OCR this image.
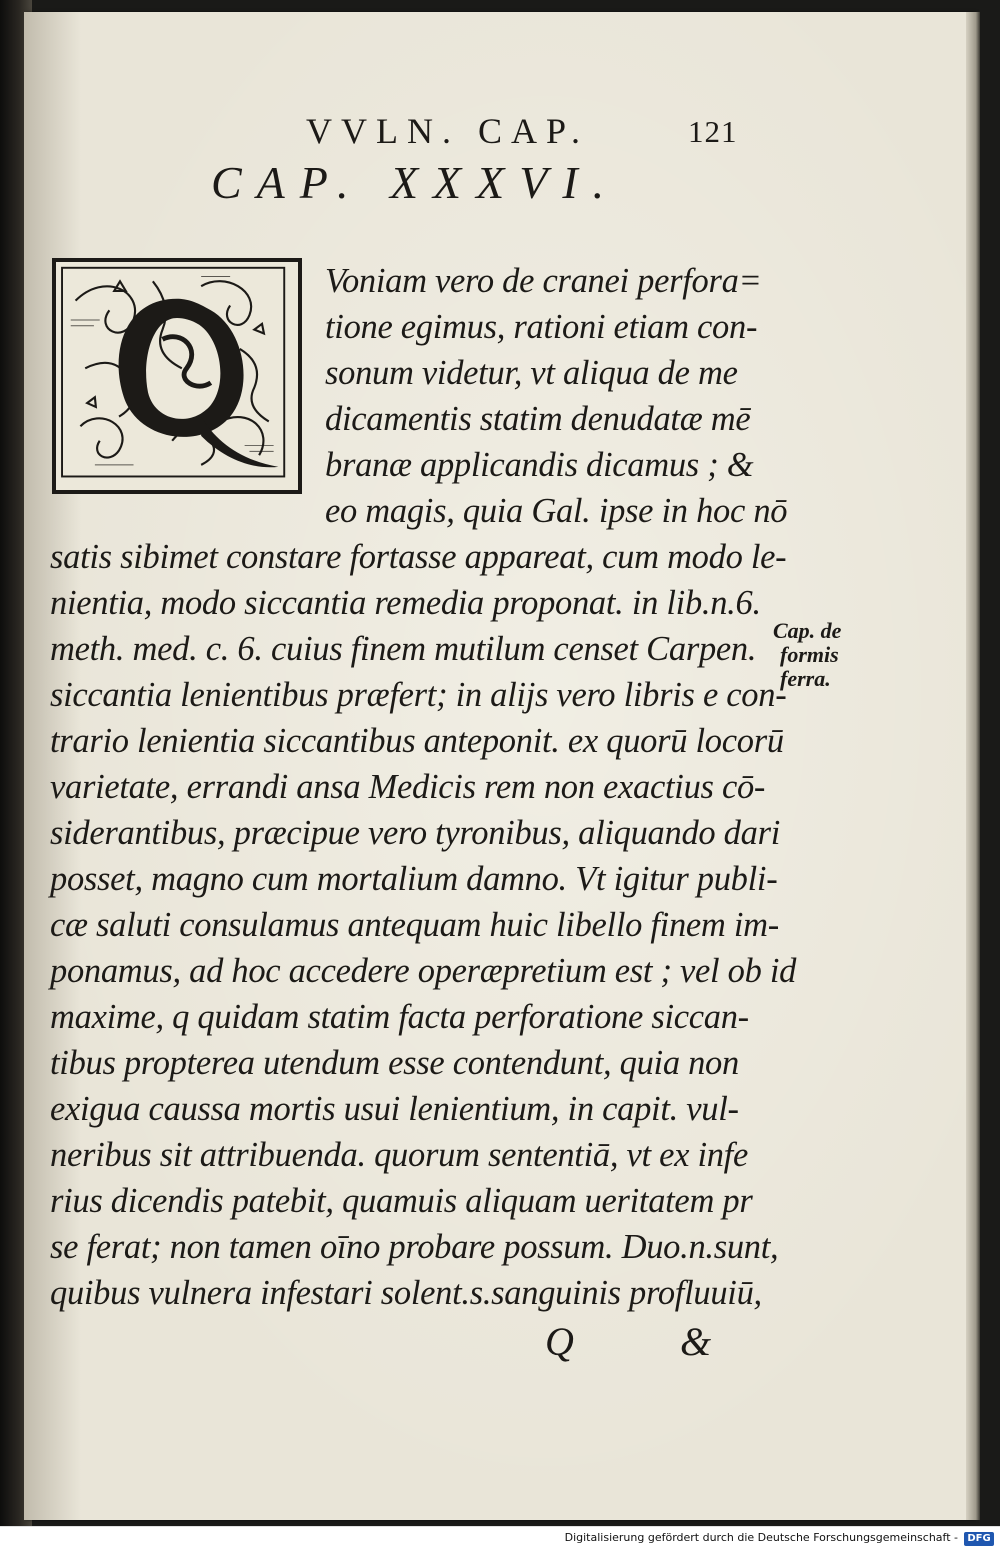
VVLN. CAP.	121
CAP. XXXVI.
Voniam vero de cranei perfora=
tione egimus, rationi etiam con-
sonum videtur, vt aliqua de me
dicamentis statim denudatæ mē
branæ applicandis dicamus ; &
eo magis, quia Gal. ipse in hoc nō
satis sibimet constare fortasse appareat, cum modo le-
nientia, modo siccantia remedia proponat. in lib.n.6.
meth. med. c. 6. cuius finem mutilum censet Carpen.
siccantia lenientibus præfert; in alijs vero libris e con-
trario lenientia siccantibus anteponit. ex quorū locorū
varietate, errandi ansa Medicis rem non exactius cō-
siderantibus, præcipue vero tyronibus, aliquando dari
posset, magno cum mortalium damno. Vt igitur publi-
cæ saluti consulamus antequam huic libello finem im-
ponamus, ad hoc accedere operæpretium est ; vel ob id
maxime, q quidam statim facta perforatione siccan-
tibus propterea utendum esse contendunt, quia non
exigua caussa mortis usui lenientium, in capit. vul-
neribus sit attribuenda. quorum sententiā, vt ex infe
rius dicendis patebit, quamuis aliquam ueritatem pr
se ferat; non tamen oīno probare possum. Duo.n.sunt,
quibus vulnera infestari solent.s.sanguinis profluuiū,
Cap. de
formis
ferra.
Q	&
Digitalisierung gefördert durch die Deutsche Forschungsgemeinschaft - DFG
